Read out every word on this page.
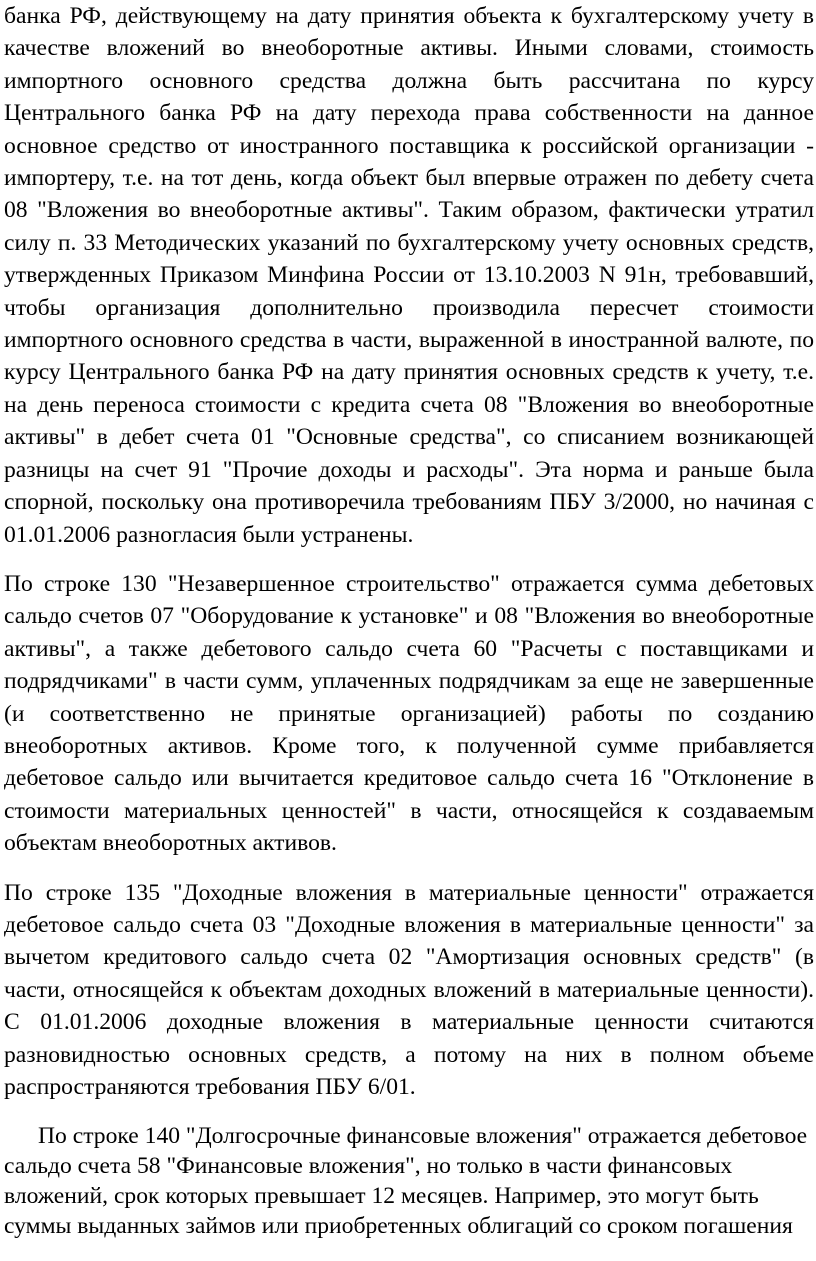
банка РФ, действующему на дату принятия объекта к бухгалтерскому учету в качестве вложений во внеоборотные активы. Иными словами, стоимость импортного основного средства должна быть рассчитана по курсу Центрального банка РФ на дату перехода права собственности на данное основное средство от иностранного поставщика к российской организации - импортеру, т.е. на тот день, когда объект был впервые отражен по дебету счета 08 "Вложения во внеоборотные активы". Таким образом, фактически утратил силу п. 33 Методических указаний по бухгалтерскому учету основных средств, утвержденных Приказом Минфина России от 13.10.2003 N 91н, требовавший, чтобы организация дополнительно производила пересчет стоимости импортного основного средства в части, выраженной в иностранной валюте, по курсу Центрального банка РФ на дату принятия основных средств к учету, т.е. на день переноса стоимости с кредита счета 08 "Вложения во внеоборотные активы" в дебет счета 01 "Основные средства", со списанием возникающей разницы на счет 91 "Прочие доходы и расходы". Эта норма и раньше была спорной, поскольку она противоречила требованиям ПБУ 3/2000, но начиная с 01.01.2006 разногласия были устранены.

По строке 130 "Незавершенное строительство" отражается сумма дебетовых сальдо счетов 07 "Оборудование к установке" и 08 "Вложения во внеоборотные активы", а также дебетового сальдо счета 60 "Расчеты с поставщиками и подрядчиками" в части сумм, уплаченных подрядчикам за еще не завершенные (и соответственно не принятые организацией) работы по созданию внеоборотных активов. Кроме того, к полученной сумме прибавляется дебетовое сальдо или вычитается кредитовое сальдо счета 16 "Отклонение в стоимости материальных ценностей" в части, относящейся к создаваемым объектам внеоборотных активов.

По строке 135 "Доходные вложения в материальные ценности" отражается дебетовое сальдо счета 03 "Доходные вложения в материальные ценности" за вычетом кредитового сальдо счета 02 "Амортизация основных средств" (в части, относящейся к объектам доходных вложений в материальные ценности). С 01.01.2006 доходные вложения в материальные ценности считаются разновидностью основных средств, а потому на них в полном объеме распространяются требования ПБУ 6/01.

По строке 140 "Долгосрочные финансовые вложения" отражается дебетовое сальдо счета 58 "Финансовые вложения", но только в части финансовых вложений, срок которых превышает 12 месяцев. Например, это могут быть суммы выданных займов или приобретенных облигаций со сроком погашения
